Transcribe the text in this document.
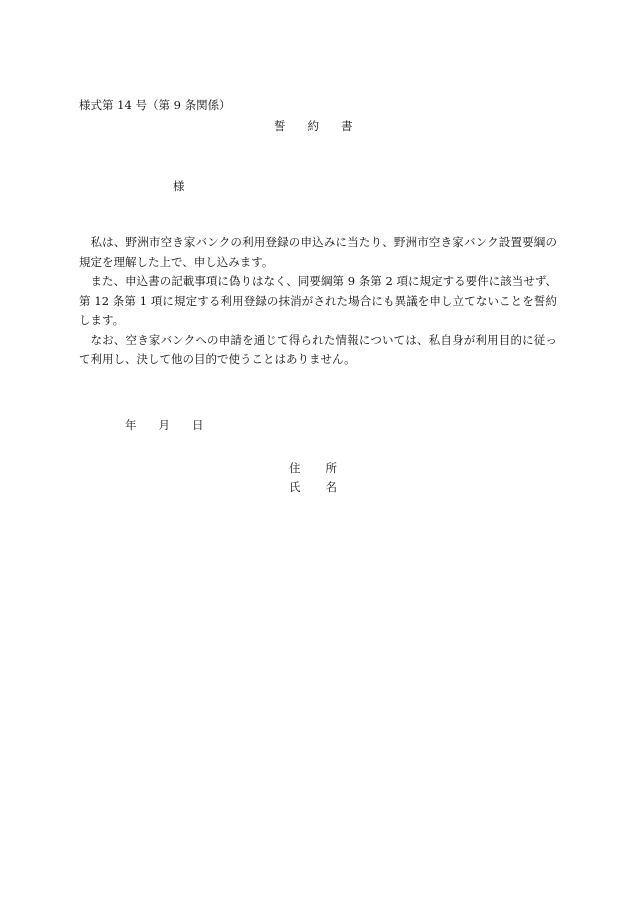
様式第 14 号（第 9 条関係）
誓 約 書
様

私は、野洲市空き家バンクの利用登録の申込みに当たり、野洲市空き家バンク設置要綱の規定を理解した上で、申し込みます。

また、申込書の記載事項に偽りはなく、同要綱第 9 条第 2 項に規定する要件に該当せず、第 12 条第 1 項に規定する利用登録の抹消がされた場合にも異議を申し立てないことを誓約します。

なお、空き家バンクへの申請を通じて得られた情報については、私自身が利用目的に従って利用し、決して他の目的で使うことはありません。

年 月 日
住 所
氏 名
